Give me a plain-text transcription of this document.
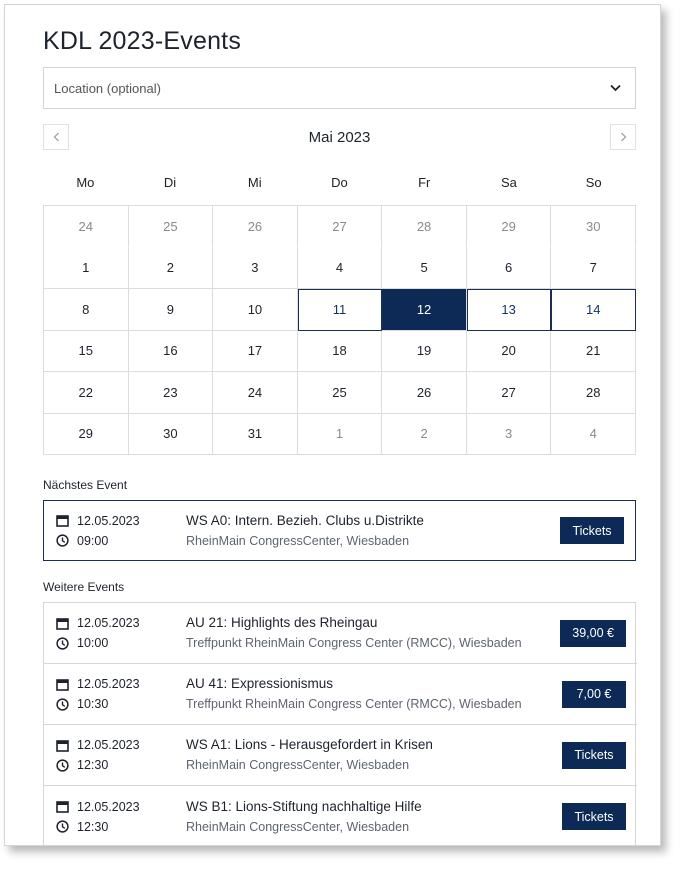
KDL 2023-Events
Location (optional)
Mai 2023
Mo	Di	Mi	Do	Fr	Sa	So
24	25	26	27	28	29	30
1	2	3	4	5	6	7
8	9	10	11	12	13	14
15	16	17	18	19	20	21
22	23	24	25	26	27	28
29	30	31	1	2	3	4
Nächstes Event
12.05.2023
09:00
WS A0: Intern. Bezieh. Clubs u.Distrikte
RheinMain CongressCenter, Wiesbaden
Tickets
Weitere Events
12.05.2023
10:00
AU 21: Highlights des Rheingau
Treffpunkt RheinMain Congress Center (RMCC), Wiesbaden
39,00 €
12.05.2023
10:30
AU 41: Expressionismus
Treffpunkt RheinMain Congress Center (RMCC), Wiesbaden
7,00 €
12.05.2023
12:30
WS A1: Lions - Herausgefordert in Krisen
RheinMain CongressCenter, Wiesbaden
Tickets
12.05.2023
12:30
WS B1: Lions-Stiftung nachhaltige Hilfe
RheinMain CongressCenter, Wiesbaden
Tickets
